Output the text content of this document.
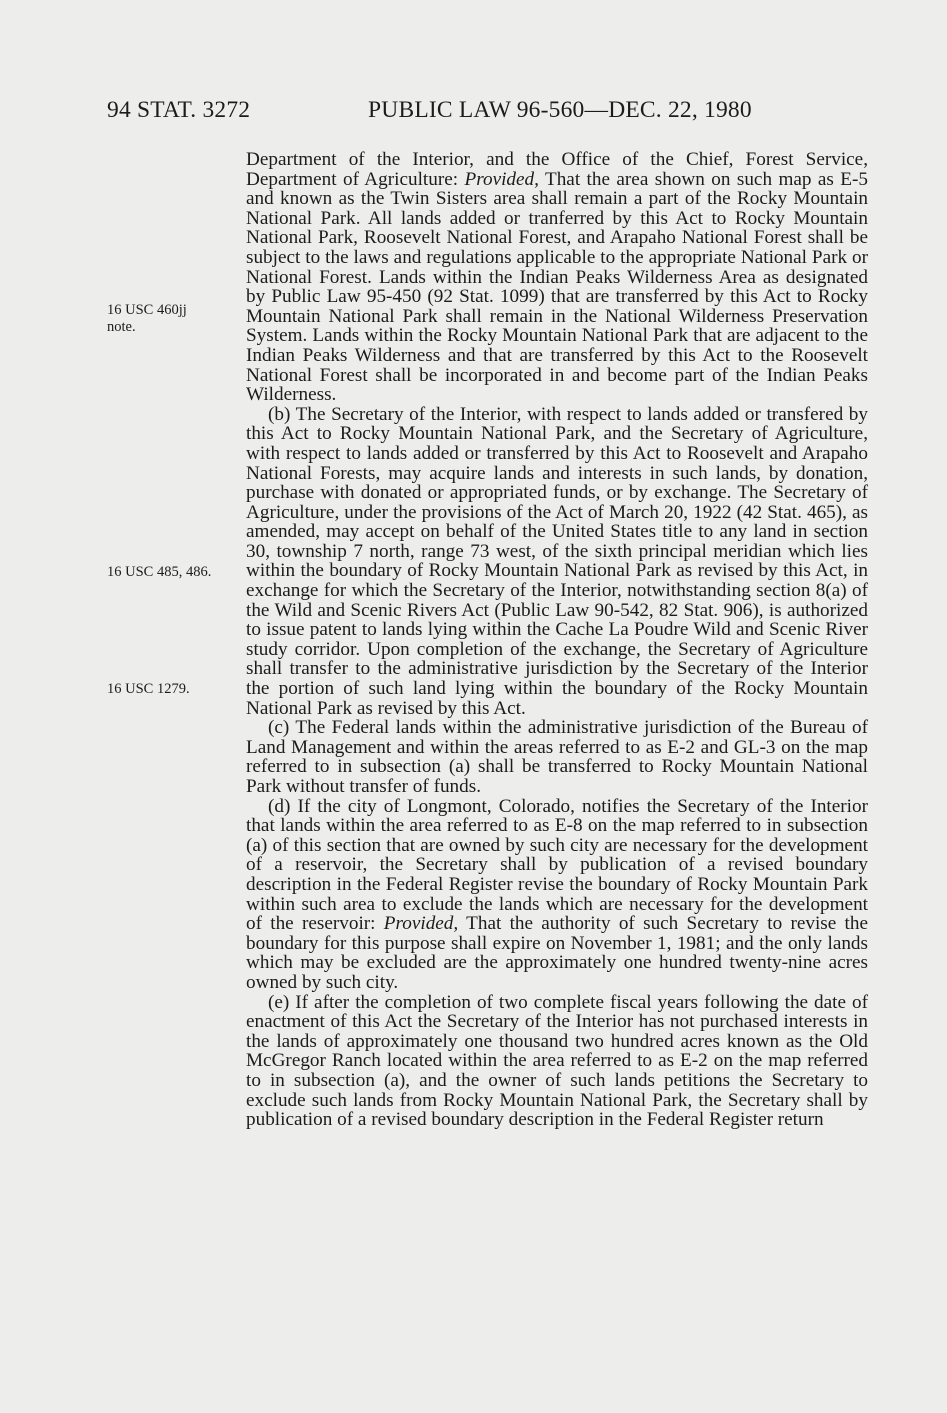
94 STAT. 3272	PUBLIC LAW 96-560—DEC. 22, 1980
16 USC 460jj
note.
16 USC 485, 486.
16 USC 1279.

Department of the Interior, and the Office of the Chief, Forest Service, Department of Agriculture: Provided, That the area shown on such map as E-5 and known as the Twin Sisters area shall remain a part of the Rocky Mountain National Park. All lands added or tranferred by this Act to Rocky Mountain National Park, Roosevelt National Forest, and Arapaho National Forest shall be subject to the laws and regulations applicable to the appropriate National Park or National Forest. Lands within the Indian Peaks Wilderness Area as designated by Public Law 95-450 (92 Stat. 1099) that are transferred by this Act to Rocky Mountain National Park shall remain in the National Wilderness Preservation System. Lands within the Rocky Mountain National Park that are adjacent to the Indian Peaks Wilderness and that are transferred by this Act to the Roosevelt National Forest shall be incorporated in and become part of the Indian Peaks Wilderness.

(b) The Secretary of the Interior, with respect to lands added or transfered by this Act to Rocky Mountain National Park, and the Secretary of Agriculture, with respect to lands added or transferred by this Act to Roosevelt and Arapaho National Forests, may acquire lands and interests in such lands, by donation, purchase with donated or appropriated funds, or by exchange. The Secretary of Agriculture, under the provisions of the Act of March 20, 1922 (42 Stat. 465), as amended, may accept on behalf of the United States title to any land in section 30, township 7 north, range 73 west, of the sixth principal meridian which lies within the boundary of Rocky Mountain National Park as revised by this Act, in exchange for which the Secretary of the Interior, notwithstanding section 8(a) of the Wild and Scenic Rivers Act (Public Law 90-542, 82 Stat. 906), is authorized to issue patent to lands lying within the Cache La Poudre Wild and Scenic River study corridor. Upon completion of the exchange, the Secretary of Agriculture shall transfer to the administrative jurisdiction by the Secretary of the Interior the portion of such land lying within the boundary of the Rocky Mountain National Park as revised by this Act.

(c) The Federal lands within the administrative jurisdiction of the Bureau of Land Management and within the areas referred to as E-2 and GL-3 on the map referred to in subsection (a) shall be transferred to Rocky Mountain National Park without transfer of funds.

(d) If the city of Longmont, Colorado, notifies the Secretary of the Interior that lands within the area referred to as E-8 on the map referred to in subsection (a) of this section that are owned by such city are necessary for the development of a reservoir, the Secretary shall by publication of a revised boundary description in the Federal Register revise the boundary of Rocky Mountain Park within such area to exclude the lands which are necessary for the development of the reservoir: Provided, That the authority of such Secretary to revise the boundary for this purpose shall expire on November 1, 1981; and the only lands which may be excluded are the approximately one hundred twenty-nine acres owned by such city.

(e) If after the completion of two complete fiscal years following the date of enactment of this Act the Secretary of the Interior has not purchased interests in the lands of approximately one thousand two hundred acres known as the Old McGregor Ranch located within the area referred to as E-2 on the map referred to in subsection (a), and the owner of such lands petitions the Secretary to exclude such lands from Rocky Mountain National Park, the Secretary shall by publication of a revised boundary description in the Federal Register return
